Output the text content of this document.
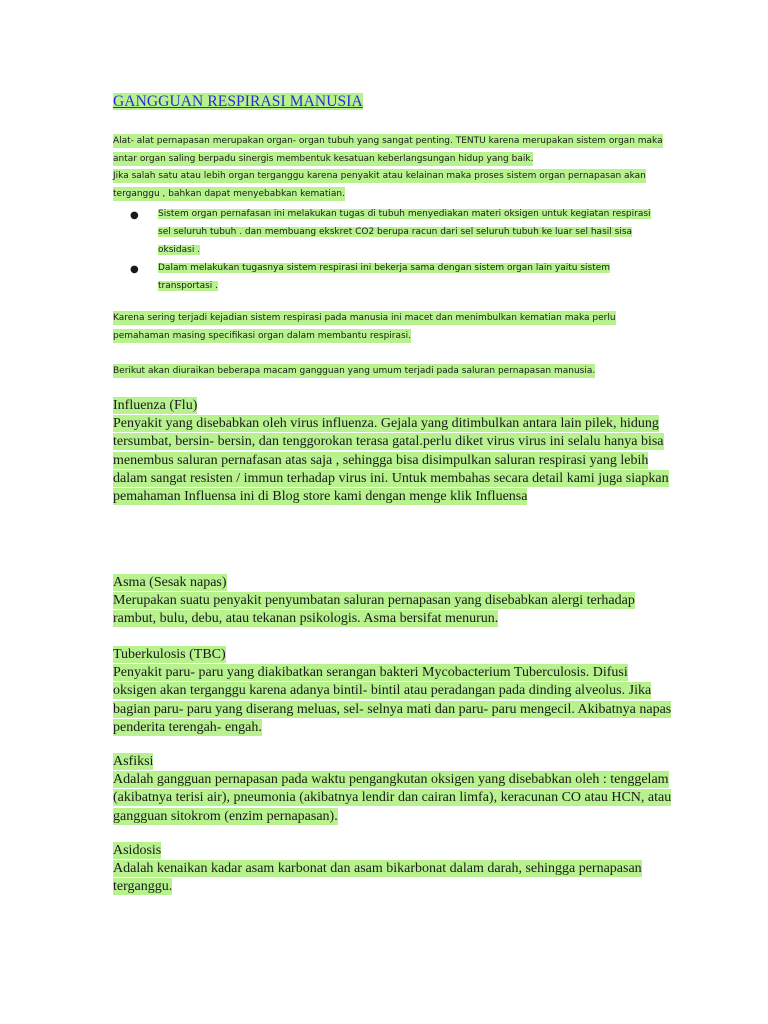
GANGGUAN RESPIRASI MANUSIA

Alat- alat pernapasan merupakan organ- organ tubuh yang sangat penting. TENTU karena merupakan sistem organ maka antar organ saling berpadu sinergis membentuk kesatuan keberlangsungan hidup yang baik.

Jika salah satu atau lebih organ terganggu karena penyakit atau kelainan maka proses sistem organ pernapasan akan terganggu , bahkan dapat menyebabkan kematian.

● Sistem organ pernafasan ini melakukan tugas di tubuh menyediakan materi oksigen untuk kegiatan respirasi sel seluruh tubuh . dan membuang ekskret CO2 berupa racun dari sel seluruh tubuh ke luar sel hasil sisa oksidasi .
● Dalam melakukan tugasnya sistem respirasi ini bekerja sama dengan sistem organ lain yaitu sistem transportasi .

Karena sering terjadi kejadian sistem respirasi pada manusia ini macet dan menimbulkan kematian maka perlu pemahaman masing specifikasi organ dalam membantu respirasi.

Berikut akan diuraikan beberapa macam gangguan yang umum terjadi pada saluran pernapasan manusia.

Influenza (Flu)

Penyakit yang disebabkan oleh virus influenza. Gejala yang ditimbulkan antara lain pilek, hidung tersumbat, bersin- bersin, dan tenggorokan terasa gatal.perlu diket virus virus ini selalu hanya bisa menembus saluran pernafasan atas saja , sehingga bisa disimpulkan saluran respirasi yang lebih dalam sangat resisten / immun terhadap virus ini. Untuk membahas secara detail kami juga siapkan pemahaman Influensa ini di Blog store kami dengan menge klik Influensa

Asma (Sesak napas)

Merupakan suatu penyakit penyumbatan saluran pernapasan yang disebabkan alergi terhadap rambut, bulu, debu, atau tekanan psikologis. Asma bersifat menurun.

Tuberkulosis (TBC)

Penyakit paru- paru yang diakibatkan serangan bakteri Mycobacterium Tuberculosis. Difusi oksigen akan terganggu karena adanya bintil- bintil atau peradangan pada dinding alveolus. Jika bagian paru- paru yang diserang meluas, sel- selnya mati dan paru- paru mengecil. Akibatnya napas penderita terengah- engah.

Asfiksi

Adalah gangguan pernapasan pada waktu pengangkutan oksigen yang disebabkan oleh : tenggelam (akibatnya terisi air), pneumonia (akibatnya lendir dan cairan limfa), keracunan CO atau HCN, atau gangguan sitokrom (enzim pernapasan).

Asidosis

Adalah kenaikan kadar asam karbonat dan asam bikarbonat dalam darah, sehingga pernapasan terganggu.
